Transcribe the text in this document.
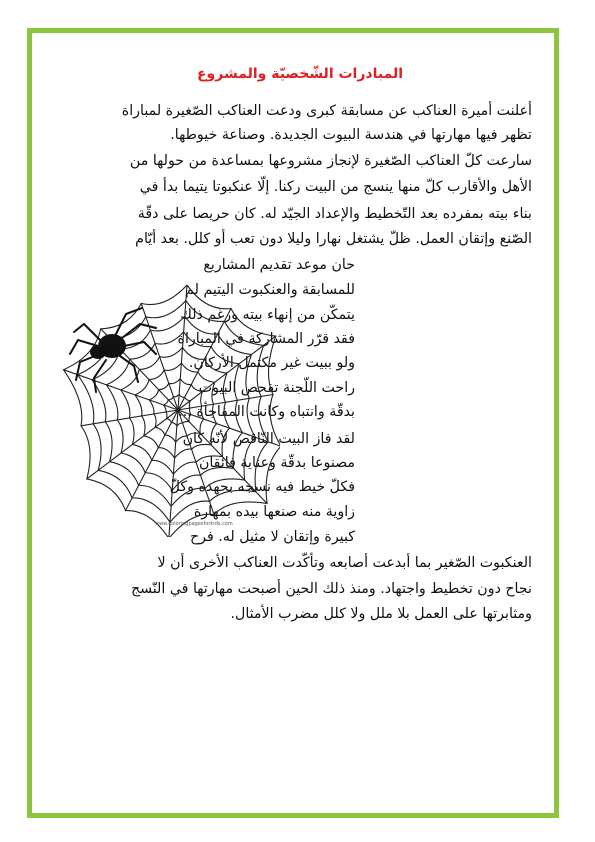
المبادرات الشّخصيّة والمشروع
أعلنت أميرة العناكب عن مسابقة كبرى ودعت العناكب الصّغيرة لمباراة
تظهر فيها مهارتها في هندسة البيوت الجديدة. وصناعة خيوطها.
سارعت كلّ العناكب الصّغيرة لإنجاز مشروعها بمساعدة من حولها من
الأهل والأقارب كلّ منها ينسج من البيت ركنا. إلّا عنكبوتا يتيما بدأ في
بناء بيته بمفرده بعد التّخطيط والإعداد الجيّد له. كان حريصا على دقّة
الصّنع وإتقان العمل. ظلّ يشتغل نهارا وليلا دون تعب أو كلل. بعد أيّام
حان موعد تقديم المشاريع
للمسابقة والعنكبوت اليتيم لم
يتمكّن من إنهاء بيته ورغم ذلك
فقد قرّر المشاركة في المباراة
ولو ببيت غير مكتمل الأركان.
راحت اللّجنة تفحص البيوت
بدقّة وانتباه وكانت المفاجأة ...
لقد فاز البيت النّاقص لأنّه كان
مصنوعا بدقّة وعناية فائقان
فكلّ خيط فيه نسجه بجهده وكلّ
زاوية منه صنعها بيده بمهارة
كبيرة وإتقان لا مثيل له. فرح
العنكبوت الصّغير بما أبدعت أصابعه وتأكّدت العناكب الأخرى أن لا
نجاح دون تخطيط واجتهاد. ومنذ ذلك الحين أصبحت مهارتها في النّسج
ومثابرتها على العمل بلا ملل ولا كلل مضرب الأمثال.
www.coloringpagesforkids.com
